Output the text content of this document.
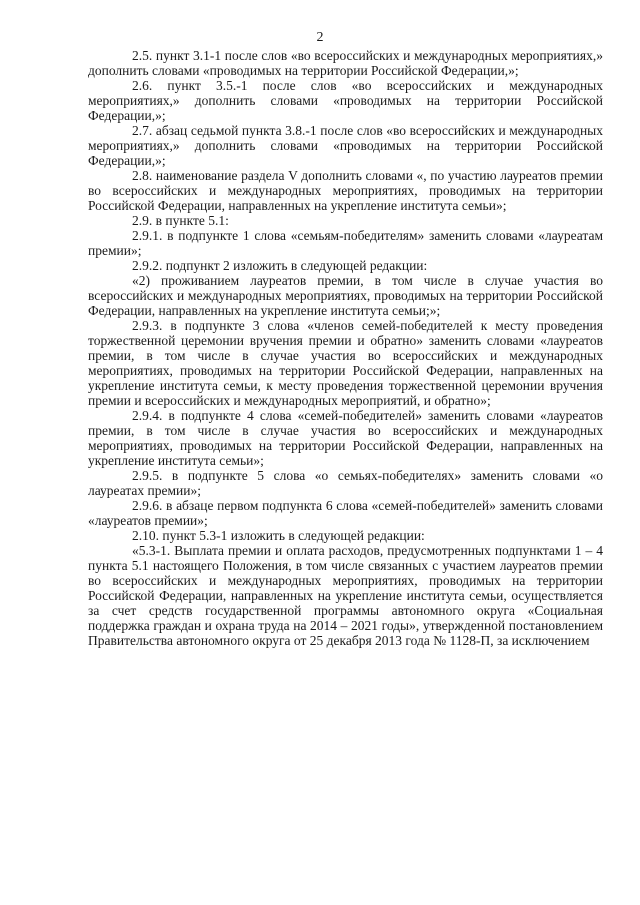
2

2.5. пункт 3.1-1 после слов «во всероссийских и международных мероприятиях,» дополнить словами «проводимых на территории Российской Федерации,»;

2.6. пункт 3.5.-1 после слов «во всероссийских и международных мероприятиях,» дополнить словами «проводимых на территории Российской Федерации,»;

2.7. абзац седьмой пункта 3.8.-1 после слов «во всероссийских и международных мероприятиях,» дополнить словами «проводимых на территории Российской Федерации,»;

2.8. наименование раздела V дополнить словами «, по участию лауреатов премии во всероссийских и международных мероприятиях, проводимых на территории Российской Федерации, направленных на укрепление института семьи»;

2.9. в пункте 5.1:

2.9.1. в подпункте 1 слова «семьям-победителям» заменить словами «лауреатам премии»;

2.9.2. подпункт 2 изложить в следующей редакции:

«2) проживанием лауреатов премии, в том числе в случае участия во всероссийских и международных мероприятиях, проводимых на территории Российской Федерации, направленных на укрепление института семьи;»;

2.9.3. в подпункте 3 слова «членов семей-победителей к месту проведения торжественной церемонии вручения премии и обратно» заменить словами «лауреатов премии, в том числе в случае участия во всероссийских и международных мероприятиях, проводимых на территории Российской Федерации, направленных на укрепление института семьи, к месту проведения торжественной церемонии вручения премии и всероссийских и международных мероприятий, и обратно»;

2.9.4. в подпункте 4 слова «семей-победителей» заменить словами «лауреатов премии, в том числе в случае участия во всероссийских и международных мероприятиях, проводимых на территории Российской Федерации, направленных на укрепление института семьи»;

2.9.5. в подпункте 5 слова «о семьях-победителях» заменить словами «о лауреатах премии»;

2.9.6. в абзаце первом подпункта 6 слова «семей-победителей» заменить словами «лауреатов премии»;

2.10. пункт 5.3-1 изложить в следующей редакции:

«5.3-1. Выплата премии и оплата расходов, предусмотренных подпунктами 1 – 4 пункта 5.1 настоящего Положения, в том числе связанных с участием лауреатов премии во всероссийских и международных мероприятиях, проводимых на территории Российской Федерации, направленных на укрепление института семьи, осуществляется за счет средств государственной программы автономного округа «Социальная поддержка граждан и охрана труда на 2014 – 2021 годы», утвержденной постановлением Правительства автономного округа от 25 декабря 2013 года № 1128-П, за исключением
